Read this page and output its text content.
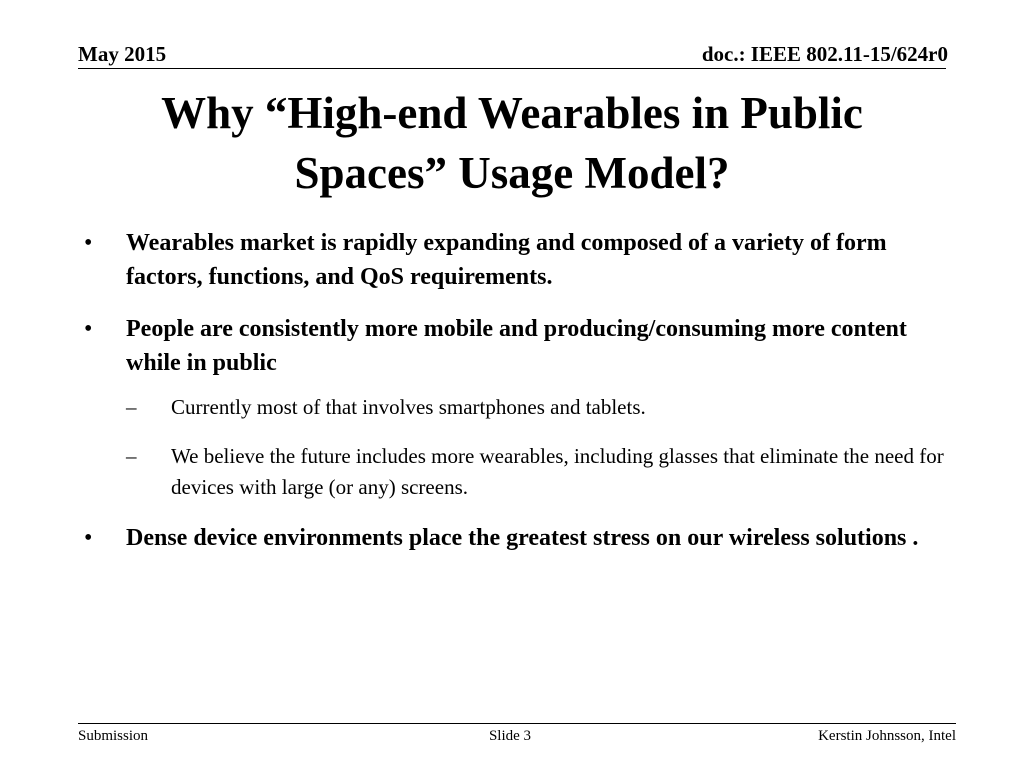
May 2015	doc.: IEEE 802.11-15/624r0
Why “High-end Wearables in Public
Spaces” Usage Model?
•	Wearables market is rapidly expanding and composed of a variety of form factors, functions, and QoS requirements.
•	People are consistently more mobile and producing/consuming more content while in public
– Currently most of that involves smartphones and tablets.
– We believe the future includes more wearables, including glasses that eliminate the need for devices with large (or any) screens.
•	Dense device environments place the greatest stress on our wireless solutions .
Submission	Slide 3	Kerstin Johnsson, Intel
